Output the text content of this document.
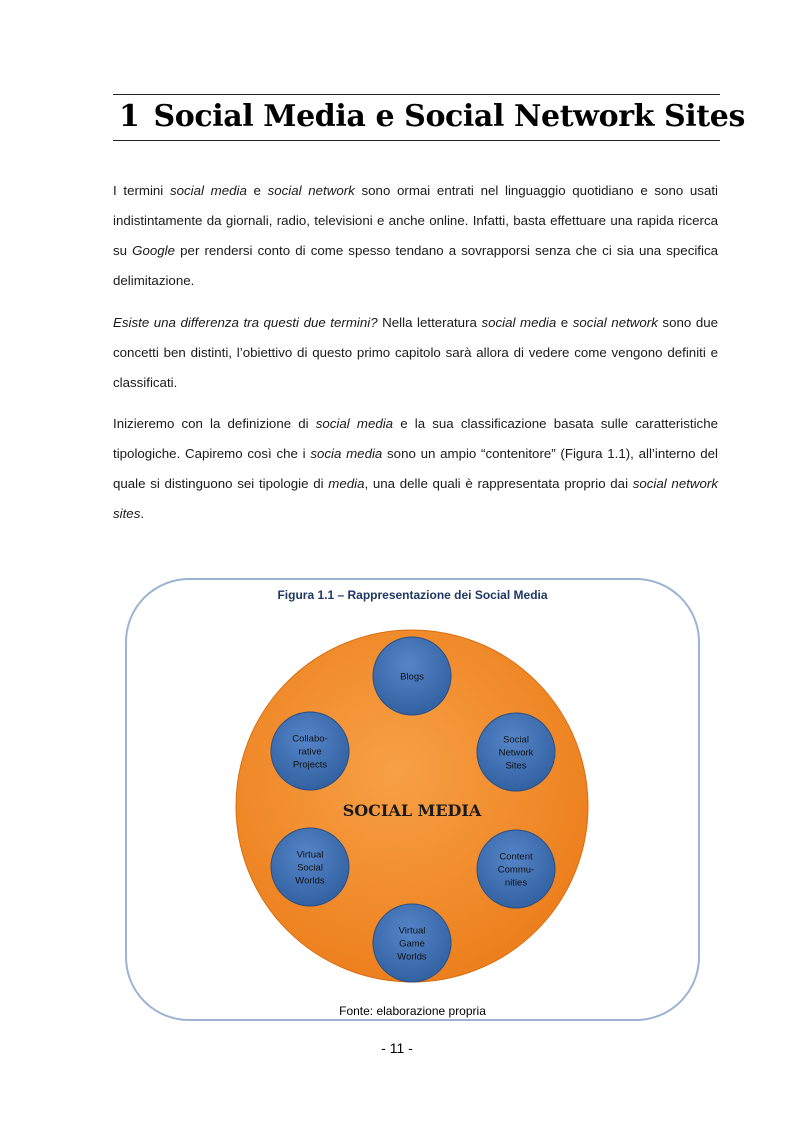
1 Social Media e Social Network Sites

I termini social media e social network sono ormai entrati nel linguaggio quotidiano e sono usati indistintamente da giornali, radio, televisioni e anche online. Infatti, basta effettuare una rapida ricerca su Google per rendersi conto di come spesso tendano a sovrapporsi senza che ci sia una specifica delimitazione.

Esiste una differenza tra questi due termini? Nella letteratura social media e social network sono due concetti ben distinti, l’obiettivo di questo primo capitolo sarà allora di vedere come vengono definiti e classificati.

Inizieremo con la definizione di social media e la sua classificazione basata sulle caratteristiche tipologiche. Capiremo così che i socia media sono un ampio “contenitore” (Figura 1.1), all’interno del quale si distinguono sei tipologie di media, una delle quali è rappresentata proprio dai social network sites.

Figura 1.1 – Rappresentazione dei Social Media

SOCIAL MEDIA
Blogs
Social
Network
Sites
Content
Commu-
nities
Virtual
Game
Worlds
Virtual
Social
Worlds
Collabo-
rative
Projects

Fonte: elaborazione propria

- 11 -
